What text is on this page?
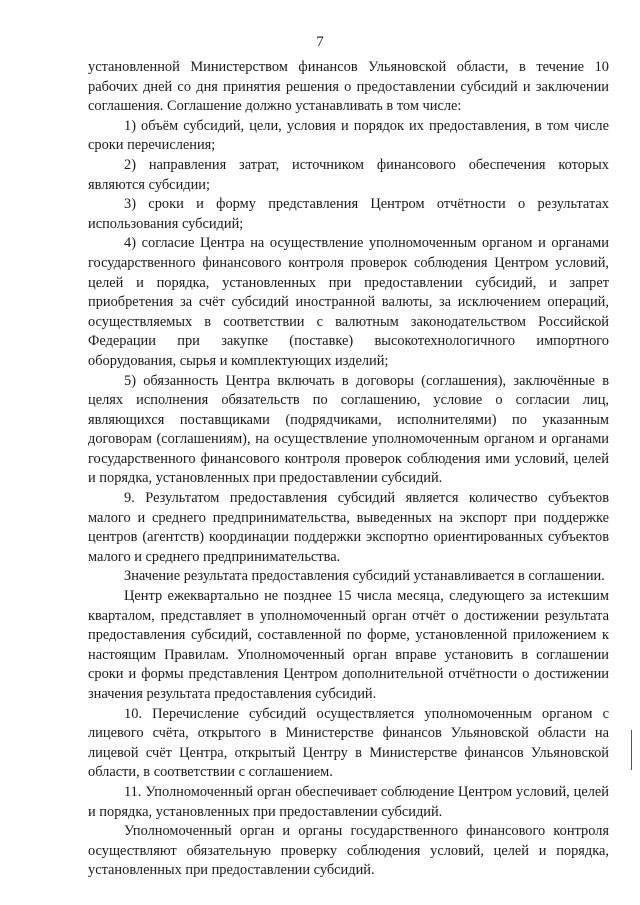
7

установленной Министерством финансов Ульяновской области, в течение 10 рабочих дней со дня принятия решения о предоставлении субсидий и заключении соглашения. Соглашение должно устанавливать в том числе:

1) объём субсидий, цели, условия и порядок их предоставления, в том числе сроки перечисления;

2) направления затрат, источником финансового обеспечения которых являются субсидии;

3) сроки и форму представления Центром отчётности о результатах использования субсидий;

4) согласие Центра на осуществление уполномоченным органом и органами государственного финансового контроля проверок соблюдения Центром условий, целей и порядка, установленных при предоставлении субсидий, и запрет приобретения за счёт субсидий иностранной валюты, за исключением операций, осуществляемых в соответствии с валютным законодательством Российской Федерации при закупке (поставке) высокотехнологичного импортного оборудования, сырья и комплектующих изделий;

5) обязанность Центра включать в договоры (соглашения), заключённые в целях исполнения обязательств по соглашению, условие о согласии лиц, являющихся поставщиками (подрядчиками, исполнителями) по указанным договорам (соглашениям), на осуществление уполномоченным органом и органами государственного финансового контроля проверок соблюдения ими условий, целей и порядка, установленных при предоставлении субсидий.

9. Результатом предоставления субсидий является количество субъектов малого и среднего предпринимательства, выведенных на экспорт при поддержке центров (агентств) координации поддержки экспортно ориентированных субъектов малого и среднего предпринимательства.

Значение результата предоставления субсидий устанавливается в соглашении.

Центр ежеквартально не позднее 15 числа месяца, следующего за истекшим кварталом, представляет в уполномоченный орган отчёт о достижении результата предоставления субсидий, составленной по форме, установленной приложением к настоящим Правилам. Уполномоченный орган вправе установить в соглашении сроки и формы представления Центром дополнительной отчётности о достижении значения результата предоставления субсидий.

10. Перечисление субсидий осуществляется уполномоченным органом с лицевого счёта, открытого в Министерстве финансов Ульяновской области на лицевой счёт Центра, открытый Центру в Министерстве финансов Ульяновской области, в соответствии с соглашением.

11. Уполномоченный орган обеспечивает соблюдение Центром условий, целей и порядка, установленных при предоставлении субсидий.

Уполномоченный орган и органы государственного финансового контроля осуществляют обязательную проверку соблюдения условий, целей и порядка, установленных при предоставлении субсидий.
